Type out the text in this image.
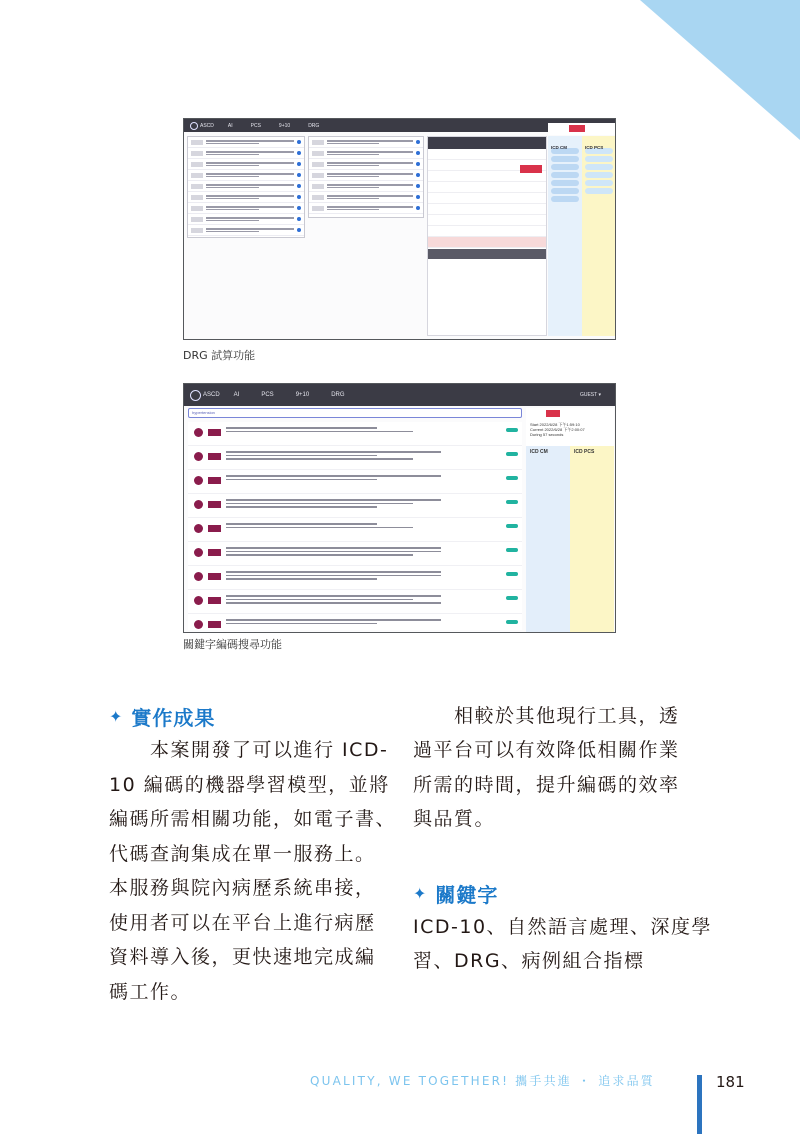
ASCD	AI	PCS	9+10	DRG
ICD CM	ICD PCS
DRG 試算功能
ASCD AI	PCS	9+10	DRG	GUEST ▾
hypertension
Start 2022/6/28 下午1:59:10
Current 2022/6/28 下午2:00:07
During 57 seconds
ICD CM	ICD PCS
關鍵字編碼搜尋功能
✦ 實作成果
本案開發了可以進行 ICD-
10 編碼的機器學習模型，並將
編碼所需相關功能，如電子書、
代碼查詢集成在單一服務上。
本服務與院內病歷系統串接，
使用者可以在平台上進行病歷
資料導入後，更快速地完成編
碼工作。
相較於其他現行工具，透
過平台可以有效降低相關作業
所需的時間，提升編碼的效率
與品質。
✦ 關鍵字
ICD-10、自然語言處理、深度學
習、DRG、病例組合指標
QUALITY, WE TOGETHER! 攜手共進 ・ 追求品質	181
